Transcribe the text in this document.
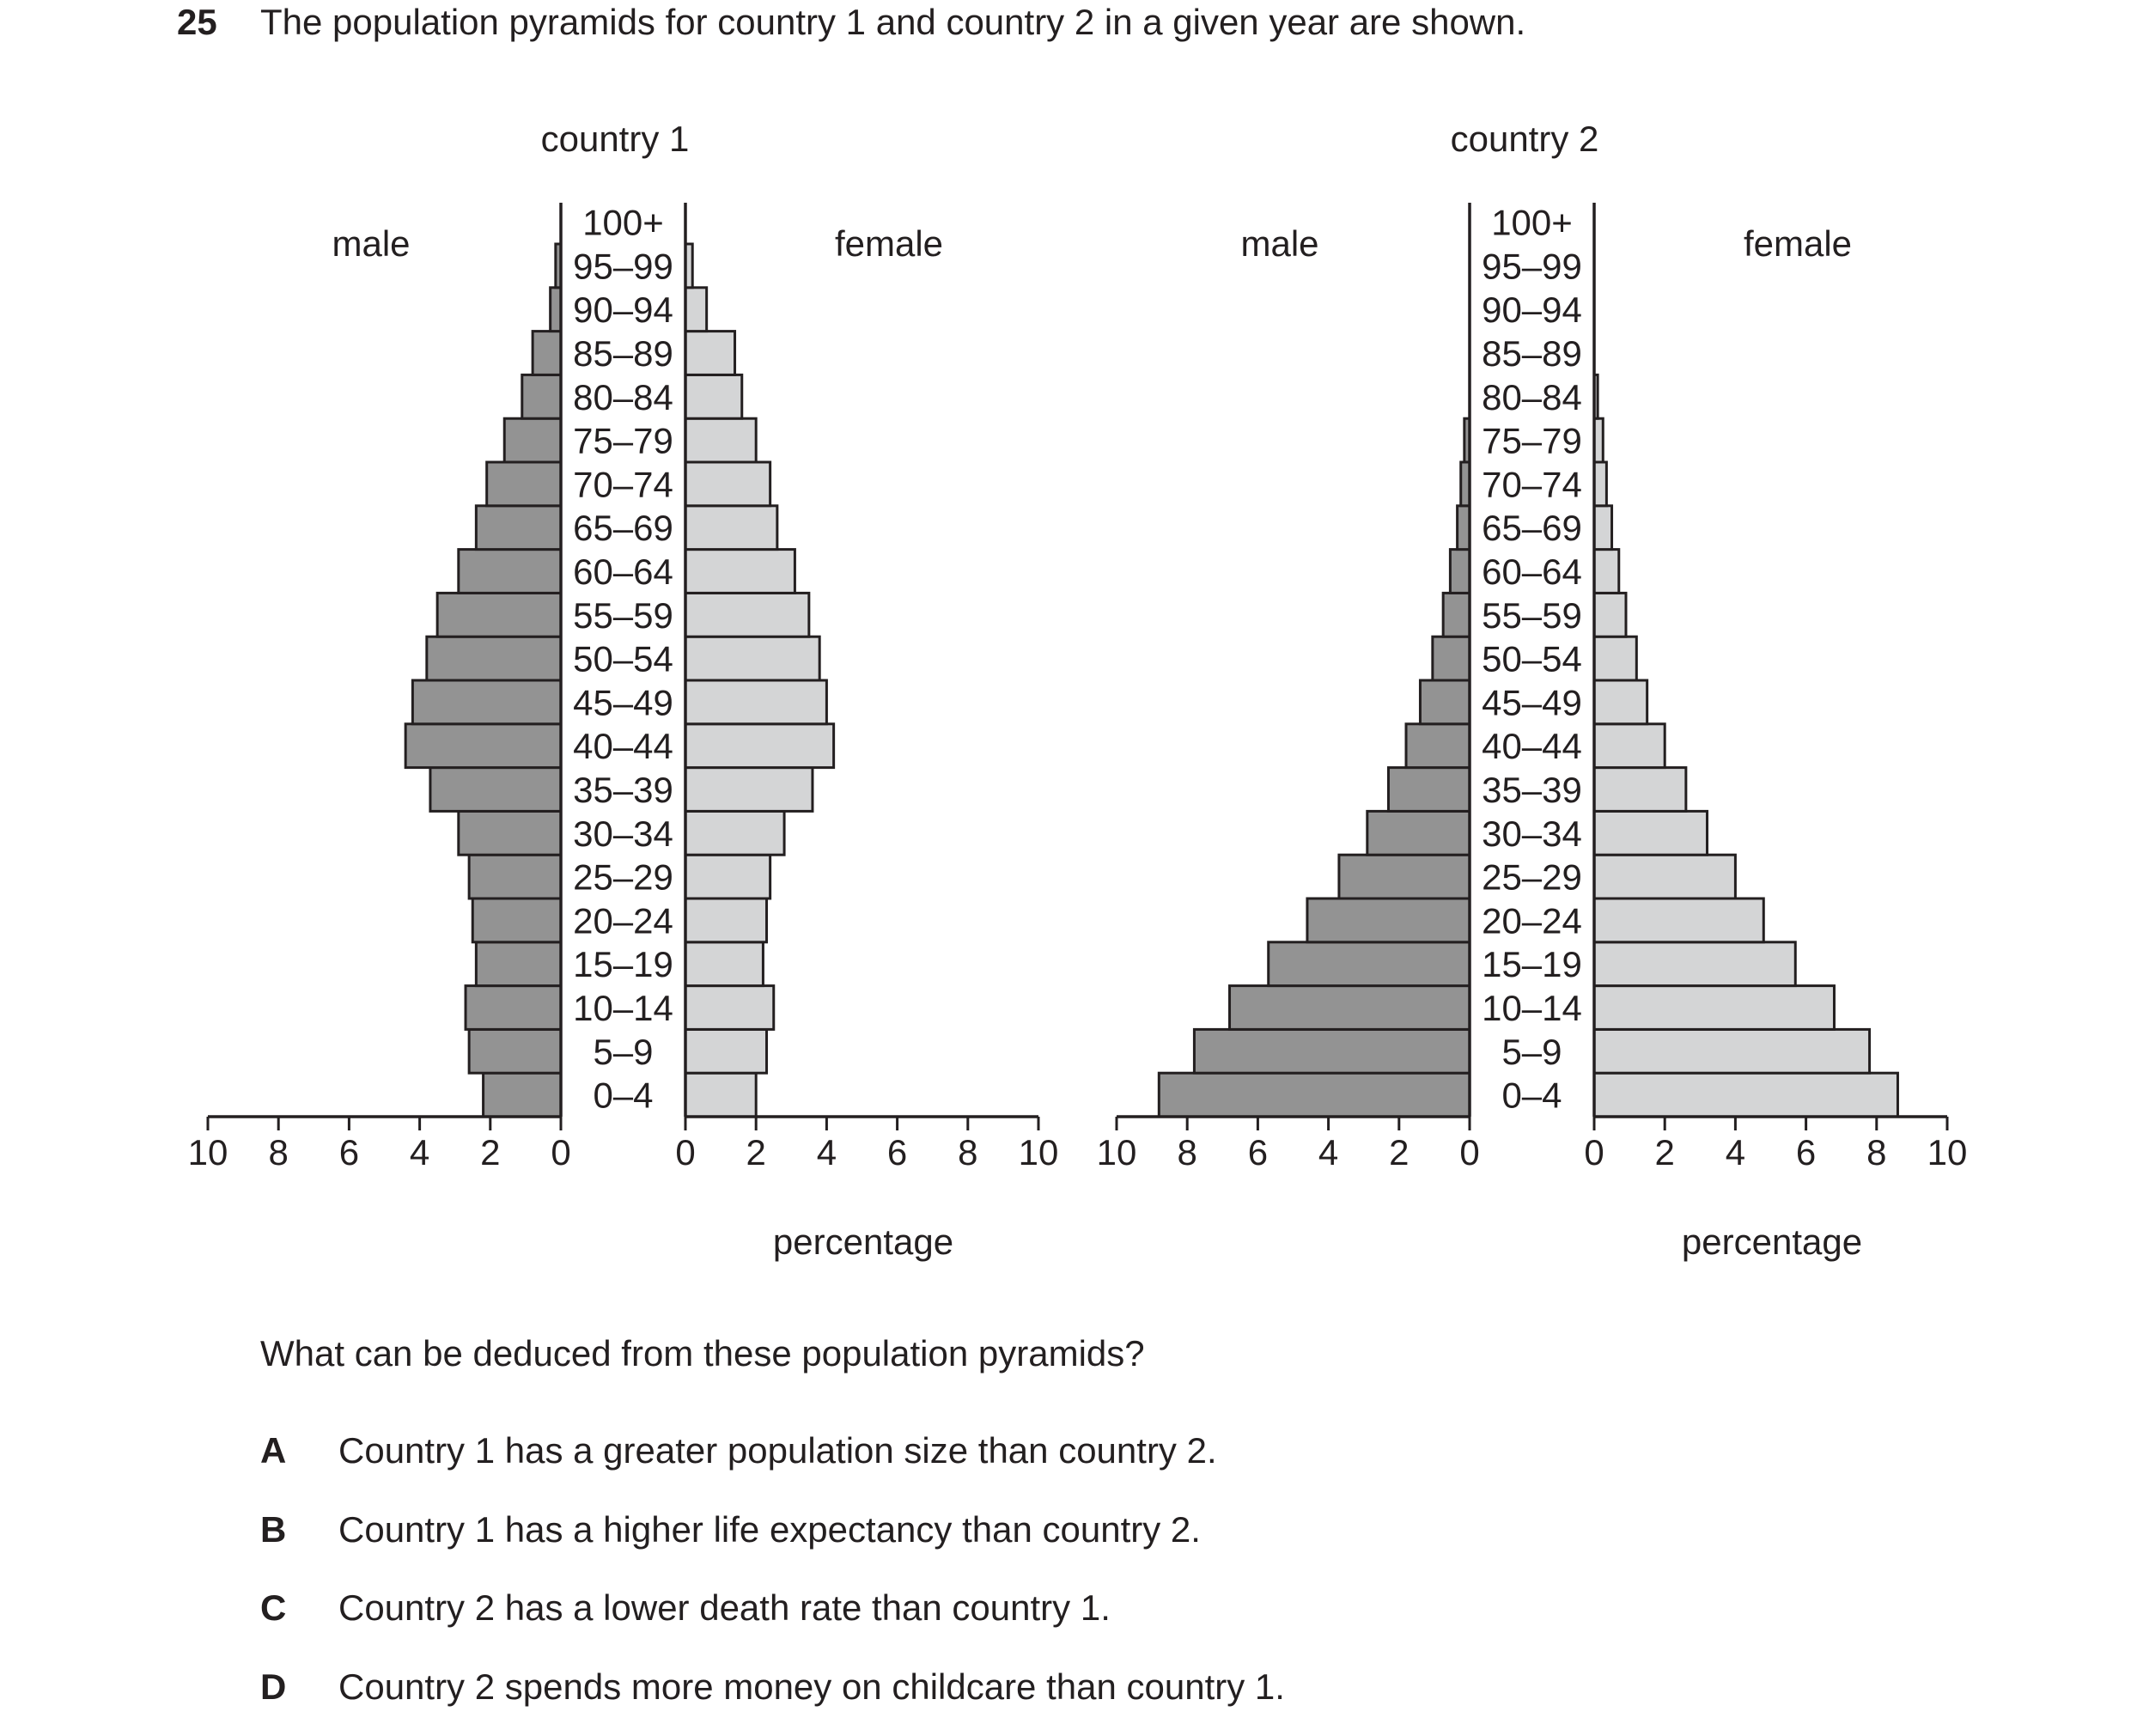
25 The population pyramids for country 1 and country 2 in a given year are shown.
country 1
male	female
percentage
0–4
5–9
10–14
15–19
20–24
25–29
30–34
35–39
40–44
45–49
50–54
55–59
60–64
65–69
70–74
75–79
80–84
85–89
90–94
95–99
100+
0	0
2	2
4	4
6	6
8	8
10	10
country 2
male	female
percentage
0–4
5–9
10–14
15–19
20–24
25–29
30–34
35–39
40–44
45–49
50–54
55–59
60–64
65–69
70–74
75–79
80–84
85–89
90–94
95–99
100+
0	0
2	2
4	4
6	6
8	8
10	10
What can be deduced from these population pyramids?
A Country 1 has a greater population size than country 2.
B Country 1 has a higher life expectancy than country 2.
C Country 2 has a lower death rate than country 1.
D Country 2 spends more money on childcare than country 1.
